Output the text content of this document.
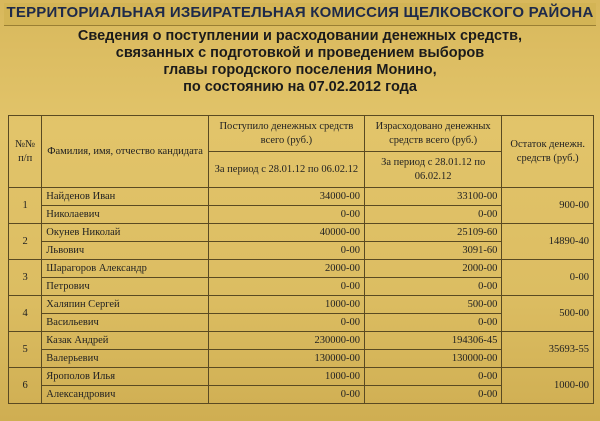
ТЕРРИТОРИАЛЬНАЯ ИЗБИРАТЕЛЬНАЯ КОМИССИЯ ЩЕЛКОВСКОГО РАЙОНА
Сведения о поступлении и расходовании денежных средств,
связанных с подготовкой и проведением выборов
главы городского поселения Монино,
по состоянию на 07.02.2012 года
№№ п/п	Фамилия, имя, отчество кандидата	Поступило денежных средств всего (руб.)	Израсходовано денежных средств всего (руб.)	Остаток денежн. средств (руб.)
		За период с 28.01.12 по 06.02.12	За период с 28.01.12 по 06.02.12	
1	Найденов Иван	34000-00	33100-00	900-00
	Николаевич	0-00	0-00	
2	Окунев Николай	40000-00	25109-60	14890-40
	Львович	0-00	3091-60	
3	Шарагоров Александр	2000-00	2000-00	0-00
	Петрович	0-00	0-00	
4	Халяпин Сергей	1000-00	500-00	500-00
	Васильевич	0-00	0-00	
5	Казак Андрей	230000-00	194306-45	35693-55
	Валерьевич	130000-00	130000-00	
6	Ярополов Илья	1000-00	0-00	1000-00
	Александрович	0-00	0-00	
